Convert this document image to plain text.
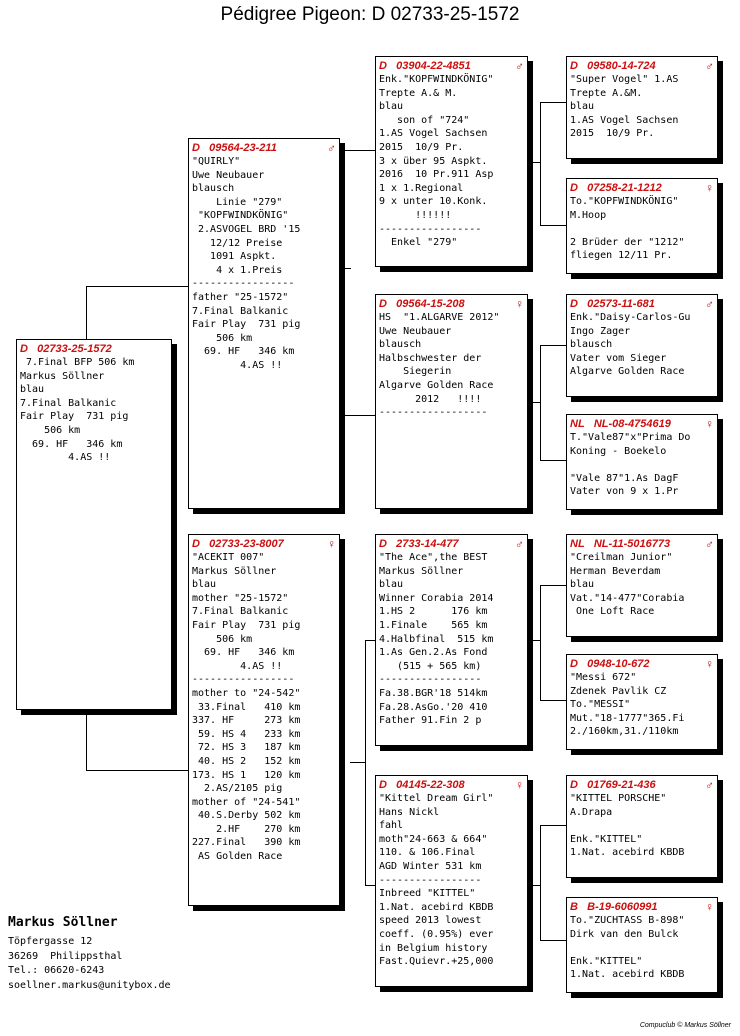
Pédigree Pigeon: D 02733-25-1572
D 02733-25-1572
7.Final BFP 506 km
Markus Söllner
blau
7.Final Balkanic
Fair Play  731 pig
506 km
69. HF   346 km
4.AS !!
D 09564-23-211	♂
"QUIRLY"
Uwe Neubauer
blausch
Linie "279"
"KOPFWINDKÖNIG"
2.ASVOGEL BRD '15
12/12 Preise
1091 Aspkt.
4 x 1.Preis
-----------------
father "25-1572"
7.Final Balkanic
Fair Play  731 pig
506 km
69. HF   346 km
4.AS !!
D 02733-23-8007	♀
"ACEKIT 007"
Markus Söllner
blau
mother "25-1572"
7.Final Balkanic
Fair Play  731 pig
506 km
69. HF   346 km
4.AS !!
-----------------
mother to "24-542"
33.Final   410 km
337. HF     273 km
59. HS 4   233 km
72. HS 3   187 km
40. HS 2   152 km
173. HS 1   120 km
2.AS/2105 pig
mother of "24-541"
40.S.Derby 502 km
2.HF    270 km
227.Final   390 km
AS Golden Race
D 03904-22-4851	♂
Enk."KOPFWINDKÖNIG"
Trepte A.& M.
blau
son of "724"
1.AS Vogel Sachsen
2015  10/9 Pr.
3 x über 95 Aspkt.
2016  10 Pr.911 Asp
1 x 1.Regional
9 x unter 10.Konk.
!!!!!!
-----------------
Enkel "279"
D 09564-15-208	♀
HS  "1.ALGARVE 2012"
Uwe Neubauer
blausch
Halbschwester der
Siegerin
Algarve Golden Race
2012   !!!!
------------------
D 2733-14-477	♂
"The Ace",the BEST
Markus Söllner
blau
Winner Corabia 2014
1.HS 2      176 km
1.Finale    565 km
4.Halbfinal  515 km
1.As Gen.2.As Fond
(515 + 565 km)
-----------------
Fa.38.BGR'18 514km
Fa.28.AsGo.'20 410
Father 91.Fin 2 p
D 04145-22-308	♀
"Kittel Dream Girl"
Hans Nickl
fahl
moth"24-663 & 664"
110. & 106.Final
AGD Winter 531 km
-----------------
Inbreed "KITTEL"
1.Nat. acebird KBDB
speed 2013 lowest
coeff. (0.95%) ever
in Belgium history
Fast.Quievr.+25,000
D 09580-14-724	♂
"Super Vogel" 1.AS
Trepte A.&M.
blau
1.AS Vogel Sachsen
2015  10/9 Pr.
D 07258-21-1212	♀
To."KOPFWINDKÖNIG"
M.Hoop

2 Brüder der "1212"
fliegen 12/11 Pr.
D 02573-11-681	♂
Enk."Daisy-Carlos-Gu
Ingo Zager
blausch
Vater vom Sieger
Algarve Golden Race
NL NL-08-4754619	♀
T."Vale87"x"Prima Do
Koning - Boekelo

"Vale 87"1.As DagF
Vater von 9 x 1.Pr
NL NL-11-5016773	♂
"Creilman Junior"
Herman Beverdam
blau
Vat."14-477"Corabia
One Loft Race
D 0948-10-672	♀
"Messi 672"
Zdenek Pavlik CZ
To."MESSI"
Mut."18-1777"365.Fi
2./160km,31./110km
D 01769-21-436	♂
"KITTEL PORSCHE"
A.Drapa

Enk."KITTEL"
1.Nat. acebird KBDB
B B-19-6060991	♀
To."ZUCHTASS B-898"
Dirk van den Bulck

Enk."KITTEL"
1.Nat. acebird KBDB
Markus Söllner
Töpfergasse 12
36269  Philippsthal
Tel.: 06620-6243
soellner.markus@unitybox.de
Compuclub © Markus Söllner
